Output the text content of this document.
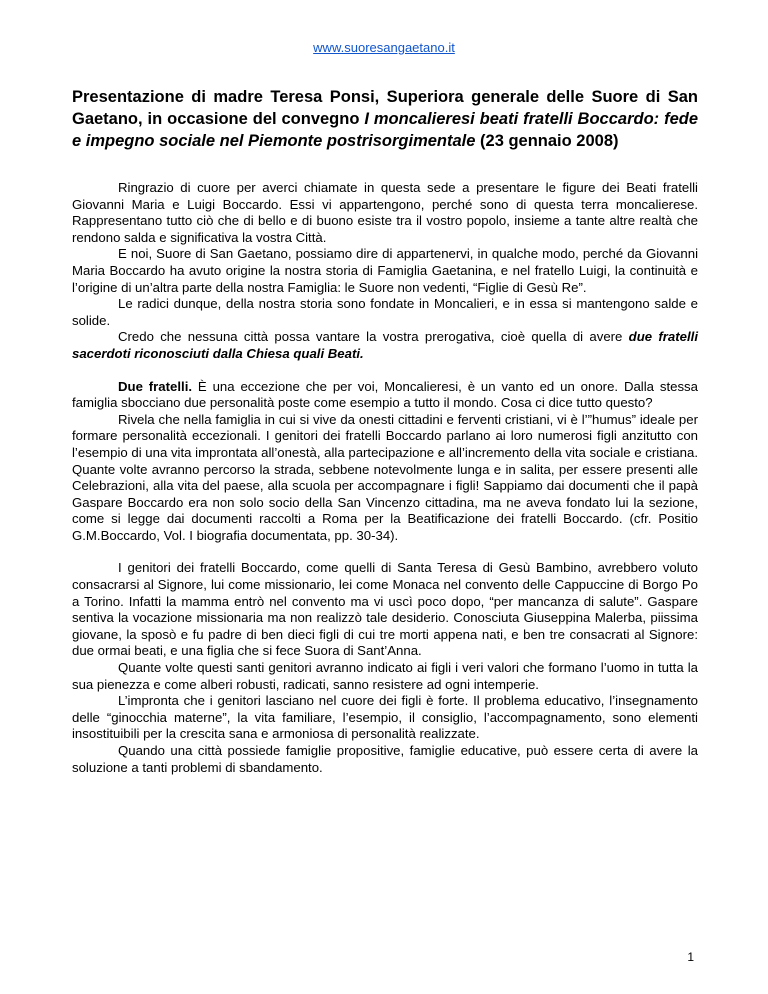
www.suoresangaetano.it
Presentazione di madre Teresa Ponsi, Superiora generale delle Suore di San Gaetano, in occasione del convegno I moncalieresi beati fratelli Boccardo: fede e impegno sociale nel Piemonte postrisorgimentale (23 gennaio 2008)

Ringrazio di cuore per averci chiamate in questa sede a presentare le figure dei Beati fratelli Giovanni Maria e Luigi Boccardo. Essi vi appartengono, perché sono di questa terra moncalierese. Rappresentano tutto ciò che di bello e di buono esiste tra il vostro popolo, insieme a tante altre realtà che rendono salda e significativa la vostra Città.

E noi, Suore di San Gaetano, possiamo dire di appartenervi, in qualche modo, perché da Giovanni Maria Boccardo ha avuto origine la nostra storia di Famiglia Gaetanina, e nel fratello Luigi, la continuità e l’origine di un’altra parte della nostra Famiglia: le Suore non vedenti, “Figlie di Gesù Re”.

Le radici dunque, della nostra storia sono fondate in Moncalieri, e in essa si mantengono salde e solide.

Credo che nessuna città possa vantare la vostra prerogativa, cioè quella di avere due fratelli sacerdoti riconosciuti dalla Chiesa quali Beati.

Due fratelli. È una eccezione che per voi, Moncalieresi, è un vanto ed un onore. Dalla stessa famiglia sbocciano due personalità poste come esempio a tutto il mondo. Cosa ci dice tutto questo?

Rivela che nella famiglia in cui si vive da onesti cittadini e ferventi cristiani, vi è l’”humus” ideale per formare personalità eccezionali. I genitori dei fratelli Boccardo parlano ai loro numerosi figli anzitutto con l’esempio di una vita improntata all’onestà, alla partecipazione e all’incremento della vita sociale e cristiana. Quante volte avranno percorso la strada, sebbene notevolmente lunga e in salita, per essere presenti alle Celebrazioni, alla vita del paese, alla scuola per accompagnare i figli! Sappiamo dai documenti che il papà Gaspare Boccardo era non solo socio della San Vincenzo cittadina, ma ne aveva fondato lui la sezione, come si legge dai documenti raccolti a Roma per la Beatificazione dei fratelli Boccardo. (cfr. Positio G.M.Boccardo, Vol. I biografia documentata, pp. 30-34).

I genitori dei fratelli Boccardo, come quelli di Santa Teresa di Gesù Bambino, avrebbero voluto consacrarsi al Signore, lui come missionario, lei come Monaca nel convento delle Cappuccine di Borgo Po a Torino. Infatti la mamma entrò nel convento ma vi uscì poco dopo, “per mancanza di salute”. Gaspare sentiva la vocazione missionaria ma non realizzò tale desiderio. Conosciuta Giuseppina Malerba, piissima giovane, la sposò e fu padre di ben dieci figli di cui tre morti appena nati, e ben tre consacrati al Signore: due ormai beati, e una figlia che si fece Suora di Sant’Anna.

Quante volte questi santi genitori avranno indicato ai figli i veri valori che formano l’uomo in tutta la sua pienezza e come alberi robusti, radicati, sanno resistere ad ogni intemperie.

L’impronta che i genitori lasciano nel cuore dei figli è forte. Il problema educativo, l’insegnamento delle “ginocchia materne”, la vita familiare, l’esempio, il consiglio, l’accompagnamento, sono elementi insostituibili per la crescita sana e armoniosa di personalità realizzate.

Quando una città possiede famiglie propositive, famiglie educative, può essere certa di avere la soluzione a tanti problemi di sbandamento.

1
